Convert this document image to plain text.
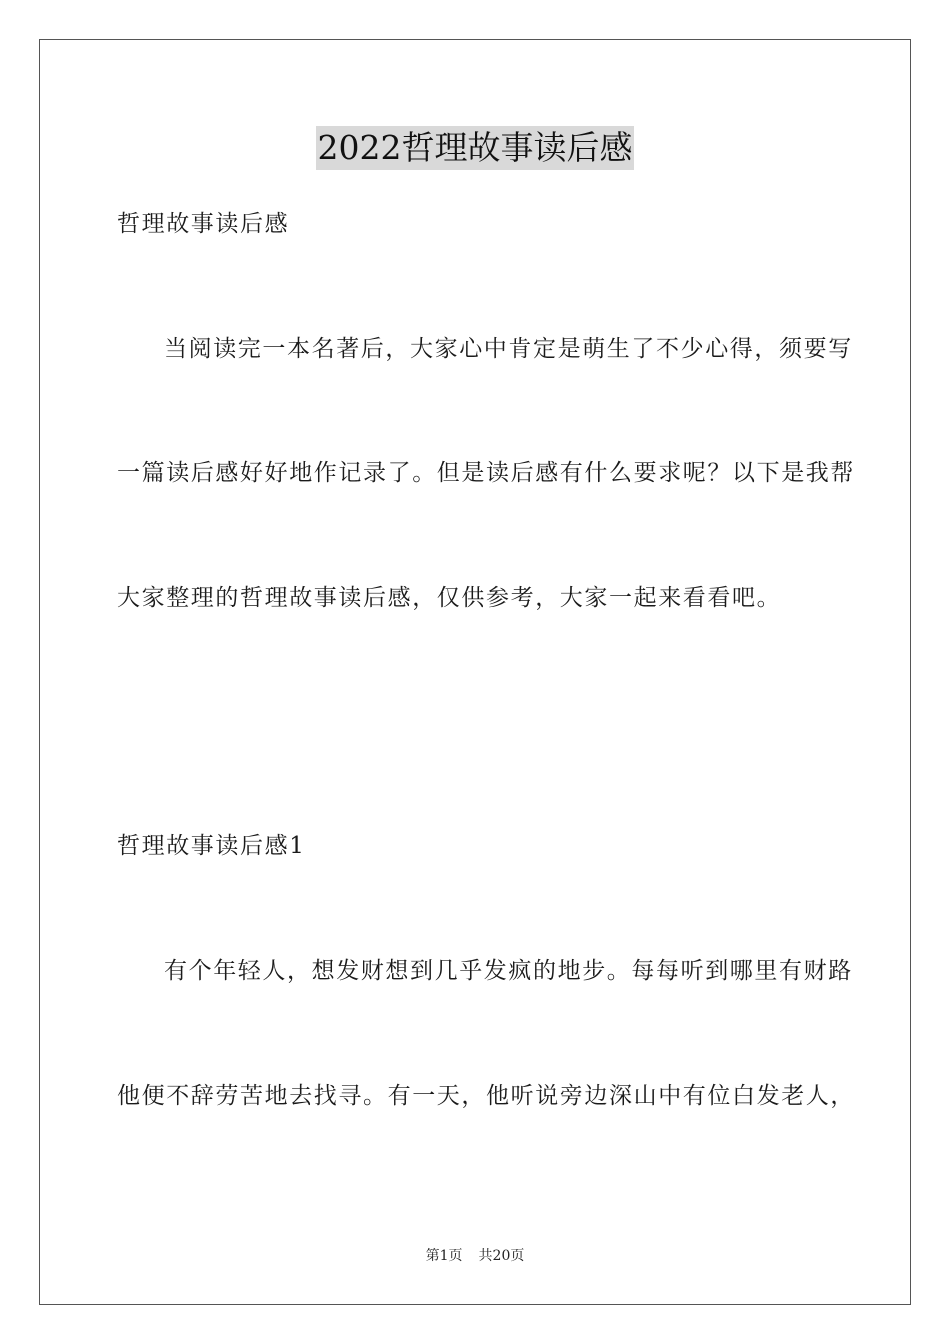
2022哲理故事读后感
哲理故事读后感
当阅读完一本名著后，大家心中肯定是萌生了不少心得，须要写
一篇读后感好好地作记录了。但是读后感有什么要求呢？以下是我帮
大家整理的哲理故事读后感，仅供参考，大家一起来看看吧。
哲理故事读后感1
有个年轻人，想发财想到几乎发疯的地步。每每听到哪里有财路
他便不辞劳苦地去找寻。有一天，他听说旁边深山中有位白发老人，
第1页 共20页
